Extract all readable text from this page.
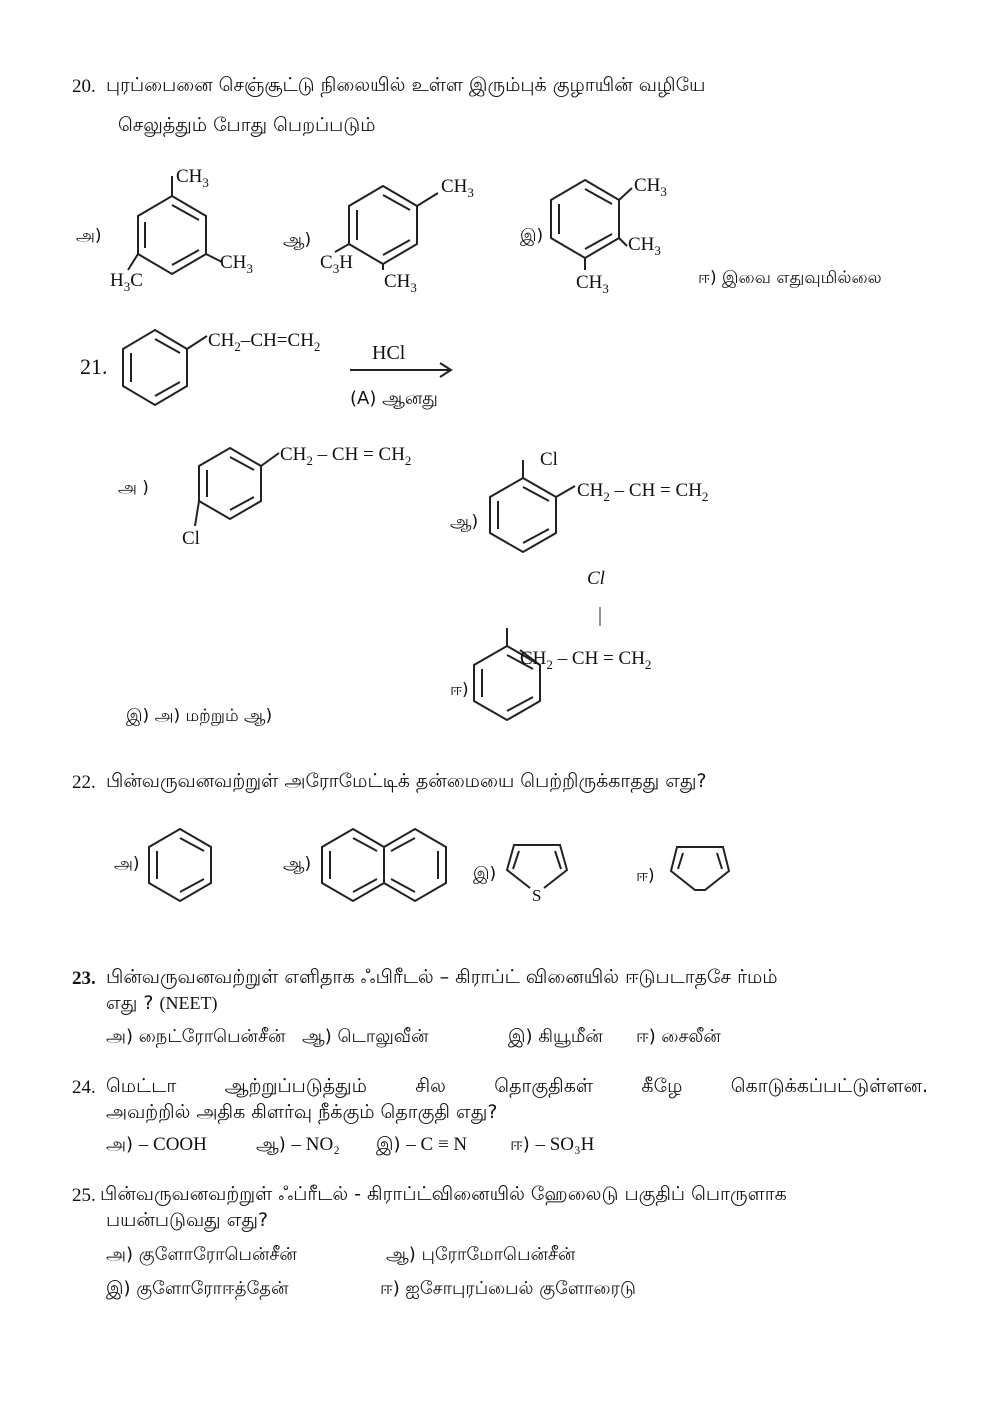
20. புரப்பைனை செஞ்சூட்டு நிலையில் உள்ள இரும்புக் குழாயின் வழியே
செலுத்தும் போது பெறப்படும்
அ)	ஆ)	இ)
ஈ) இவை எதுவுமில்லை
$CH_3$
$CH_3$
$H_3C$
$CH_3$
$C_3H$
$CH_3$
$CH_3$
$CH_3$
$CH_3$
21.
HCl
(A) ஆனது
அ )
ஆ)
ஈ)
இ) அ) மற்றும் ஆ)
$CH_2-CH=CH_2$
$CH_2$ – CH = $CH_2$
Cl
Cl
$CH_2$ – CH = $CH_2$
Cl
$CH_2$ – CH = $CH_2$
22. பின்வருவனவற்றுள் அரோமேட்டிக் தன்மையை பெற்றிருக்காதது எது?
அ)	ஆ)	இ)	ஈ)
S
23. பின்வருவனவற்றுள் எளிதாக ஃபிரீடல் – கிராப்ட் வினையில் ஈடுபடாதசே ர்மம்
எது ? (NEET)
அ) நைட்ரோபென்சீன் ஆ) டொலுவீன்	இ) கியூமீன் ஈ) சைலீன்
24. மெட்டா ஆற்றுப்படுத்தும் சில தொகுதிகள் கீழே கொடுக்கப்பட்டுள்ளன.
அவற்றில் அதிக கிளர்வு நீக்கும் தொகுதி எது?
அ) – COOH	ஆ) – NO₂ இ) – C ≡ N ஈ) – SO₃H
25. பின்வருவனவற்றுள் ஃப்ரீடல் - கிராப்ட்வினையில் ஹேலைடு பகுதிப் பொருளாக
பயன்படுவது எது?
அ) குளோரோபென்சீன்	ஆ) புரோமோபென்சீன்
இ) குளோரோஈத்தேன்	ஈ) ஐசோபுரப்பைல் குளோரைடு
